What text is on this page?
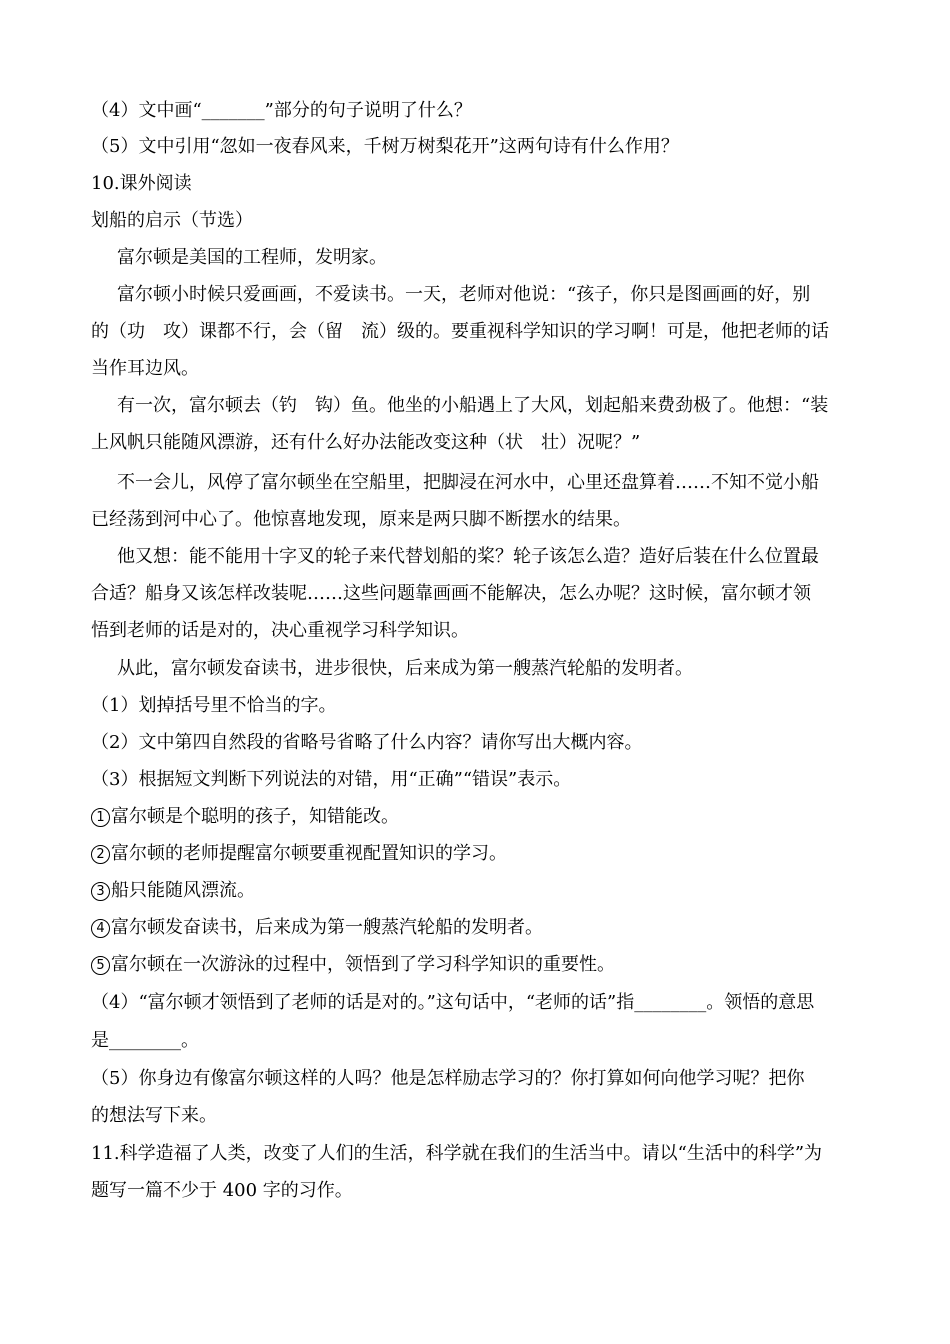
（4）文中画“_______”部分的句子说明了什么？
（5）文中引用“忽如一夜春风来，千树万树梨花开”这两句诗有什么作用？
10.课外阅读
划船的启示（节选）
富尔顿是美国的工程师，发明家。
富尔顿小时候只爱画画，不爱读书。一天，老师对他说：“孩子，你只是图画画的好，别
的（功　攻）课都不行，会（留　流）级的。要重视科学知识的学习啊！可是，他把老师的话
当作耳边风。
有一次，富尔顿去（钓　钩）鱼。他坐的小船遇上了大风，划起船来费劲极了。他想：“装
上风帆只能随风漂游，还有什么好办法能改变这种（状　壮）况呢？”
不一会儿，风停了富尔顿坐在空船里，把脚浸在河水中，心里还盘算着……不知不觉小船
已经荡到河中心了。他惊喜地发现，原来是两只脚不断摆水的结果。
他又想：能不能用十字叉的轮子来代替划船的桨？轮子该怎么造？造好后装在什么位置最
合适？船身又该怎样改装呢……这些问题靠画画不能解决，怎么办呢？这时候，富尔顿才领
悟到老师的话是对的，决心重视学习科学知识。
从此，富尔顿发奋读书，进步很快，后来成为第一艘蒸汽轮船的发明者。
（1）划掉括号里不恰当的字。
（2）文中第四自然段的省略号省略了什么内容？请你写出大概内容。
（3）根据短文判断下列说法的对错，用“正确”“错误”表示。
1 富尔顿是个聪明的孩子，知错能改。
2 富尔顿的老师提醒富尔顿要重视配置知识的学习。
3 船只能随风漂流。
4 富尔顿发奋读书，后来成为第一艘蒸汽轮船的发明者。
5 富尔顿在一次游泳的过程中，领悟到了学习科学知识的重要性。
（4）“富尔顿才领悟到了老师的话是对的。”这句话中，“老师的话”指________。领悟的意思
是________。
（5）你身边有像富尔顿这样的人吗？他是怎样励志学习的？你打算如何向他学习呢？把你
的想法写下来。
11.科学造福了人类，改变了人们的生活，科学就在我们的生活当中。请以“生活中的科学”为
题写一篇不少于 400 字的习作。
